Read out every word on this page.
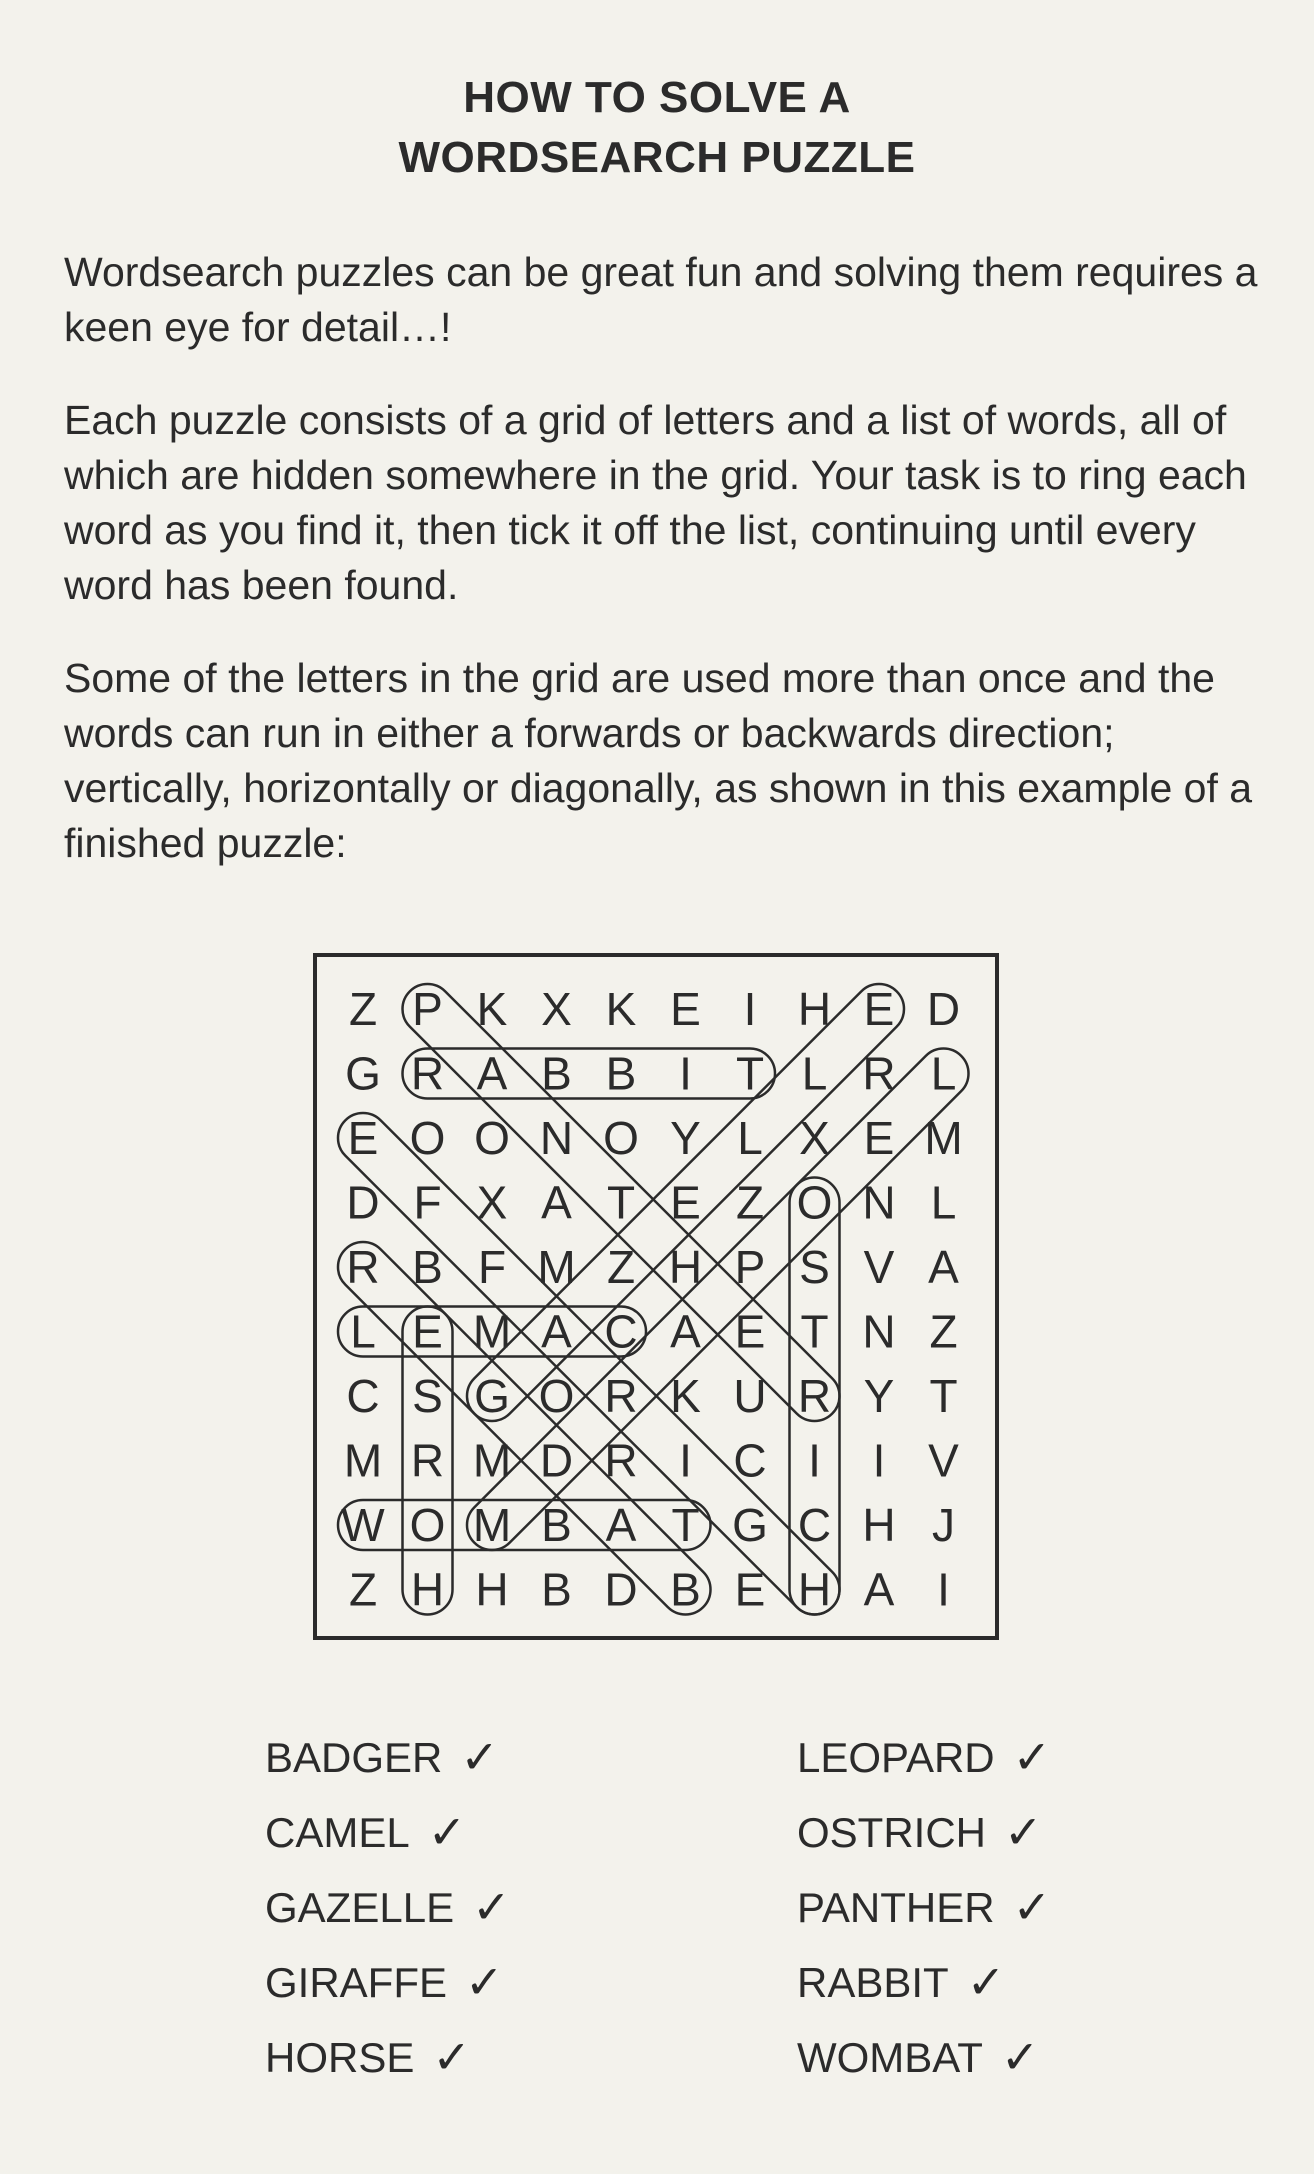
HOW TO SOLVE A
WORDSEARCH PUZZLE
Wordsearch puzzles can be great fun and solving them requires a keen eye for detail…!
Each puzzle consists of a grid of letters and a list of words, all of which are hidden somewhere in the grid. Your task is to ring each word as you find it, then tick it off the list, continuing until every word has been found.
Some of the letters in the grid are used more than once and the words can run in either a forwards or backwards direction; vertically, horizontally or diagonally, as shown in this example of a finished puzzle:
Z P K X K E I H E D
G R A B B I T L R L
E O O N O Y L X E M
D F X A T E Z O N L
R B F M Z H P S V A
L E M A C A E T N Z
C S G O R K U R Y T
M R M D R I C I I V
W O M B A T G C H J
Z H H B D B E H A I
BADGER ✓
CAMEL ✓
GAZELLE ✓
GIRAFFE ✓
HORSE ✓
LEOPARD ✓
OSTRICH ✓
PANTHER ✓
RABBIT ✓
WOMBAT ✓
